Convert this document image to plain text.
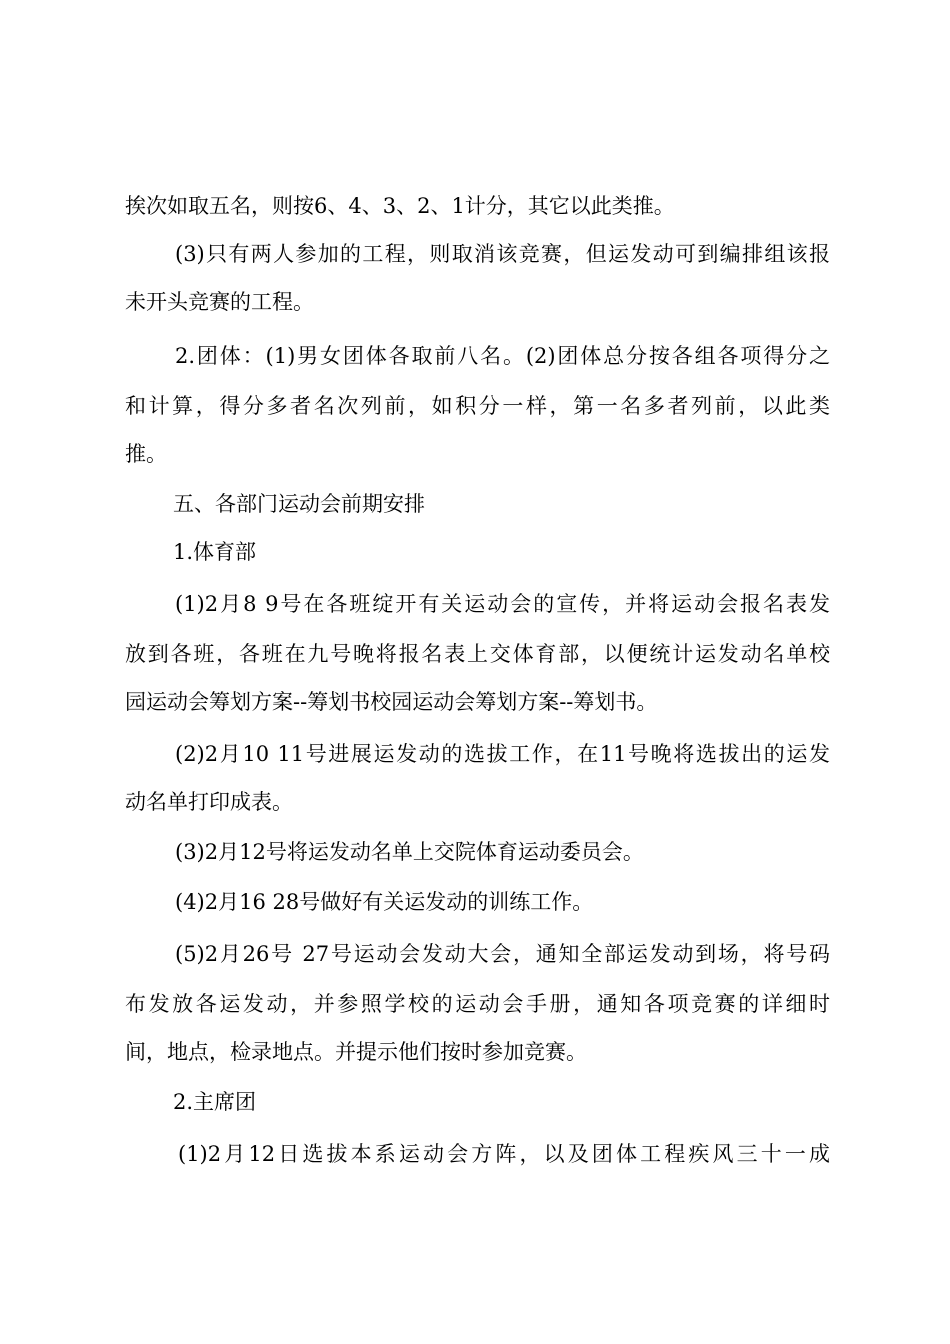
挨次如取五名，则按6、4、3、2、1计分，其它以此类推。
(3)只有两人参加的工程，则取消该竞赛，但运发动可到编排组该报
未开头竞赛的工程。
2.团体：(1)男女团体各取前八名。(2)团体总分按各组各项得分之
和计算，得分多者名次列前，如积分一样，第一名多者列前，以此类
推。
五、各部门运动会前期安排
1.体育部
(1)2月8 9号在各班绽开有关运动会的宣传，并将运动会报名表发
放到各班，各班在九号晚将报名表上交体育部，以便统计运发动名单校
园运动会筹划方案--筹划书校园运动会筹划方案--筹划书。
(2)2月10 11号进展运发动的选拔工作，在11号晚将选拔出的运发
动名单打印成表。
(3)2月12号将运发动名单上交院体育运动委员会。
(4)2月16 28号做好有关运发动的训练工作。
(5)2月26号 27号运动会发动大会，通知全部运发动到场，将号码
布发放各运发动，并参照学校的运动会手册，通知各项竞赛的详细时
间，地点，检录地点。并提示他们按时参加竞赛。
2.主席团
(1)2月12日选拔本系运动会方阵，以及团体工程疾风三十一成
